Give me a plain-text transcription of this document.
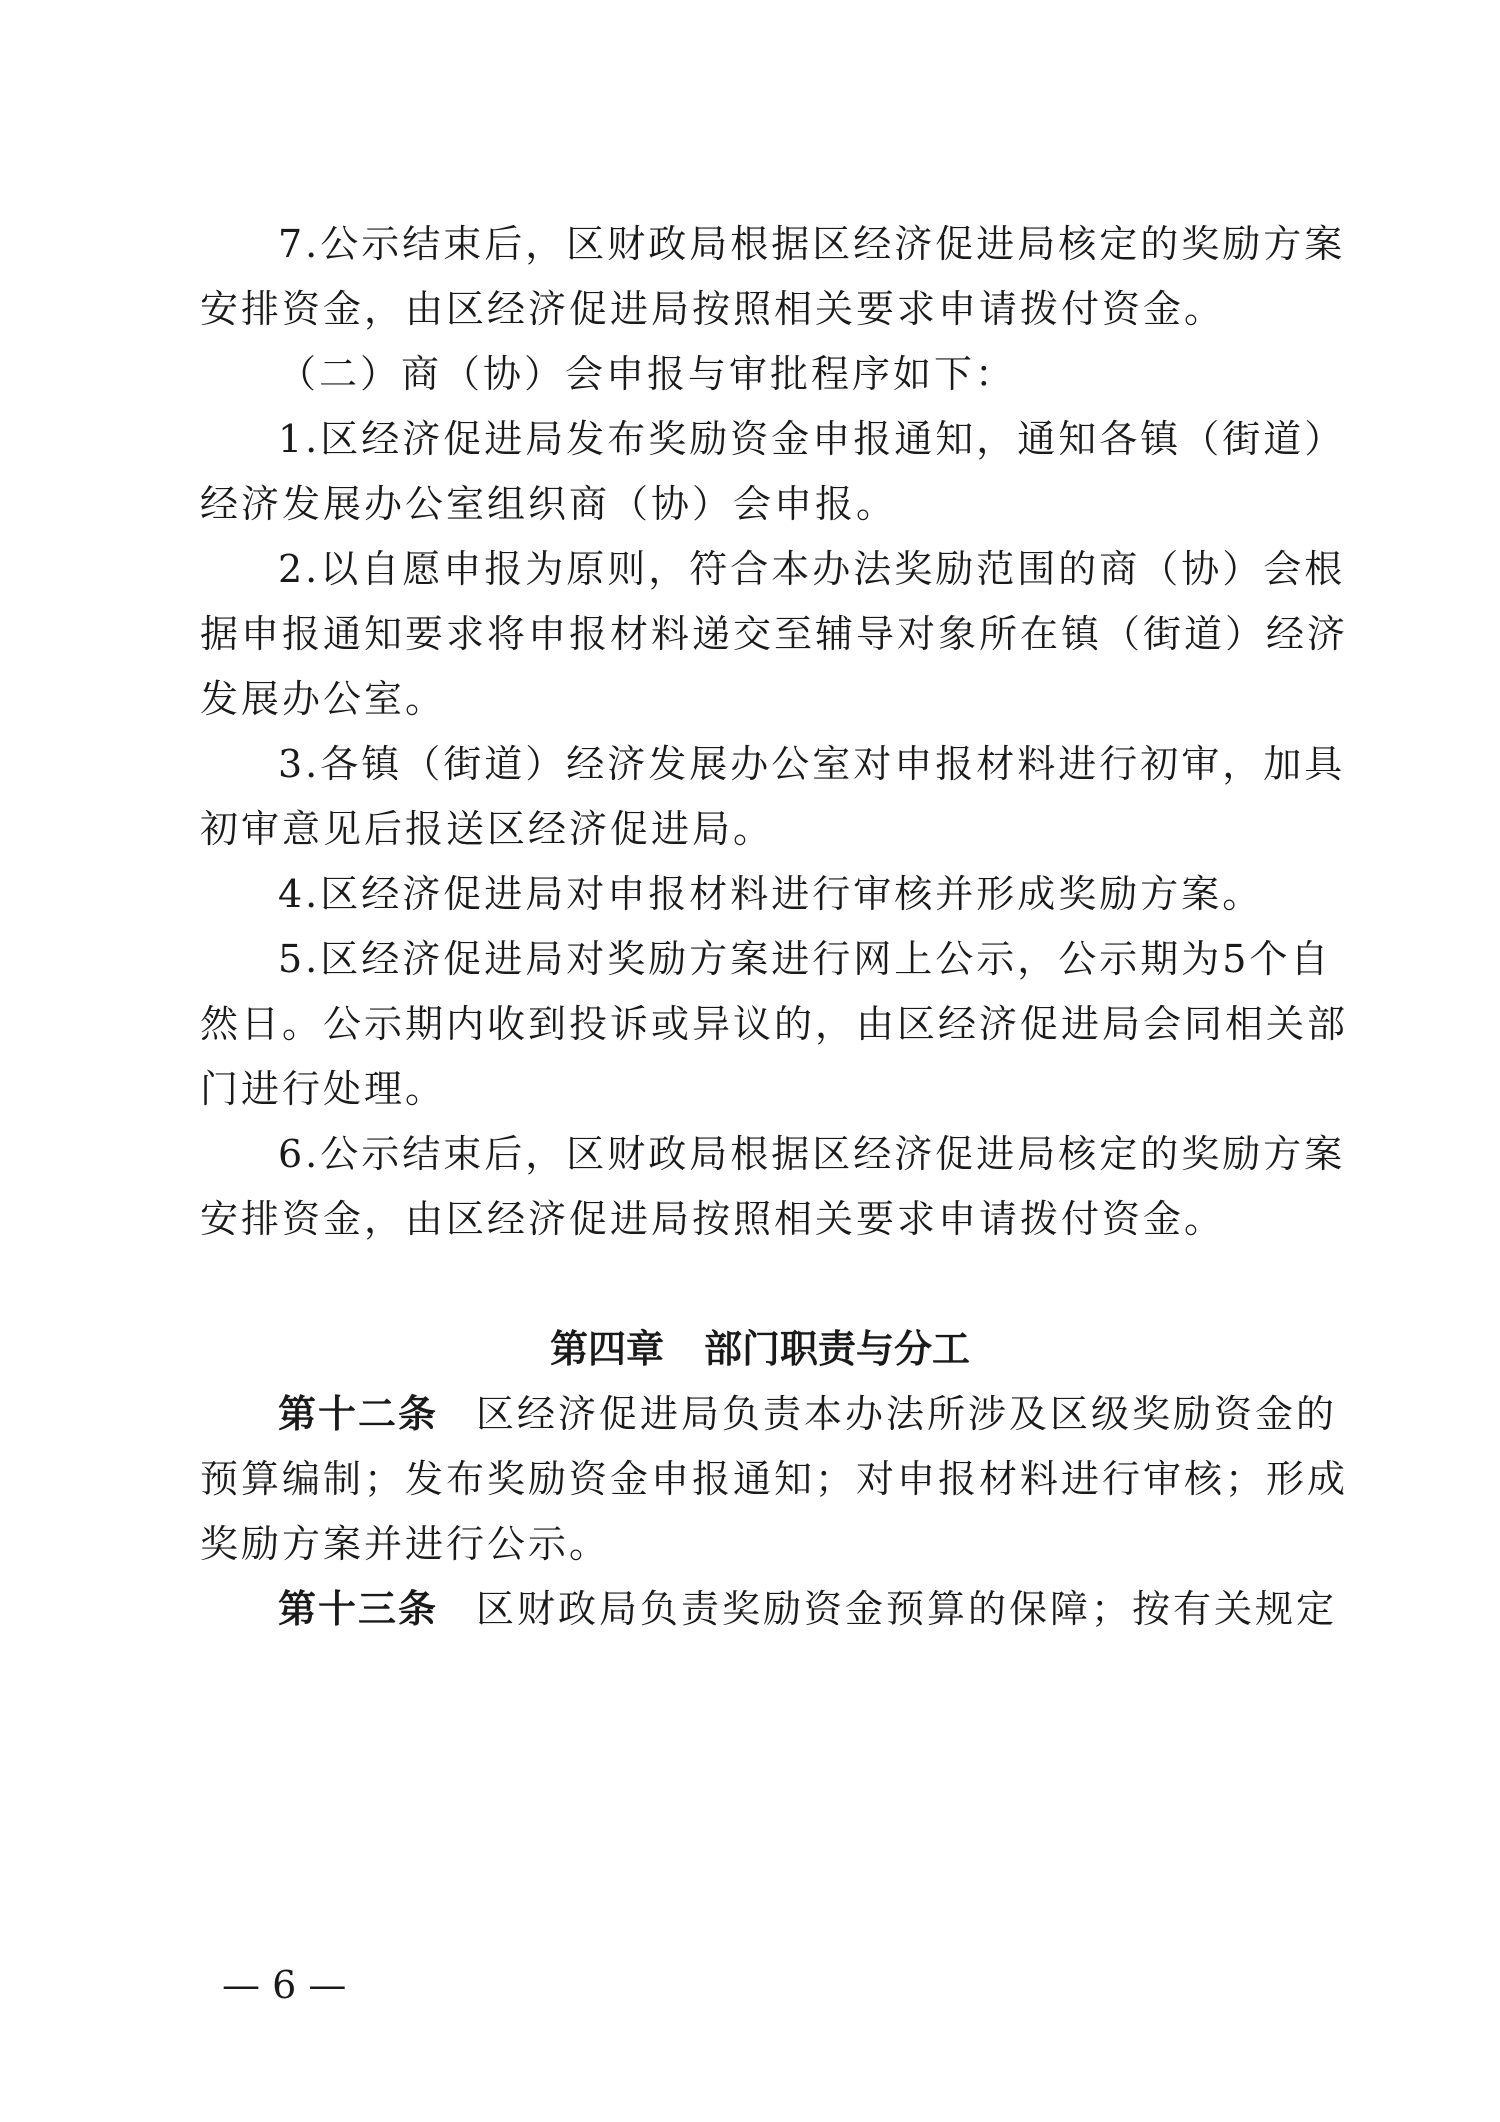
7.公示结束后，区财政局根据区经济促进局核定的奖励方案
安排资金，由区经济促进局按照相关要求申请拨付资金。
（二）商（协）会申报与审批程序如下：
1.区经济促进局发布奖励资金申报通知，通知各镇（街道）
经济发展办公室组织商（协）会申报。
2.以自愿申报为原则，符合本办法奖励范围的商（协）会根
据申报通知要求将申报材料递交至辅导对象所在镇（街道）经济
发展办公室。
3.各镇（街道）经济发展办公室对申报材料进行初审，加具
初审意见后报送区经济促进局。
4.区经济促进局对申报材料进行审核并形成奖励方案。
5.区经济促进局对奖励方案进行网上公示，公示期为5个自
然日。公示期内收到投诉或异议的，由区经济促进局会同相关部
门进行处理。
6.公示结束后，区财政局根据区经济促进局核定的奖励方案
安排资金，由区经济促进局按照相关要求申请拨付资金。
第四章 部门职责与分工
第十二条 区经济促进局负责本办法所涉及区级奖励资金的
预算编制；发布奖励资金申报通知；对申报材料进行审核；形成
奖励方案并进行公示。
第十三条 区财政局负责奖励资金预算的保障；按有关规定
— 6 —
